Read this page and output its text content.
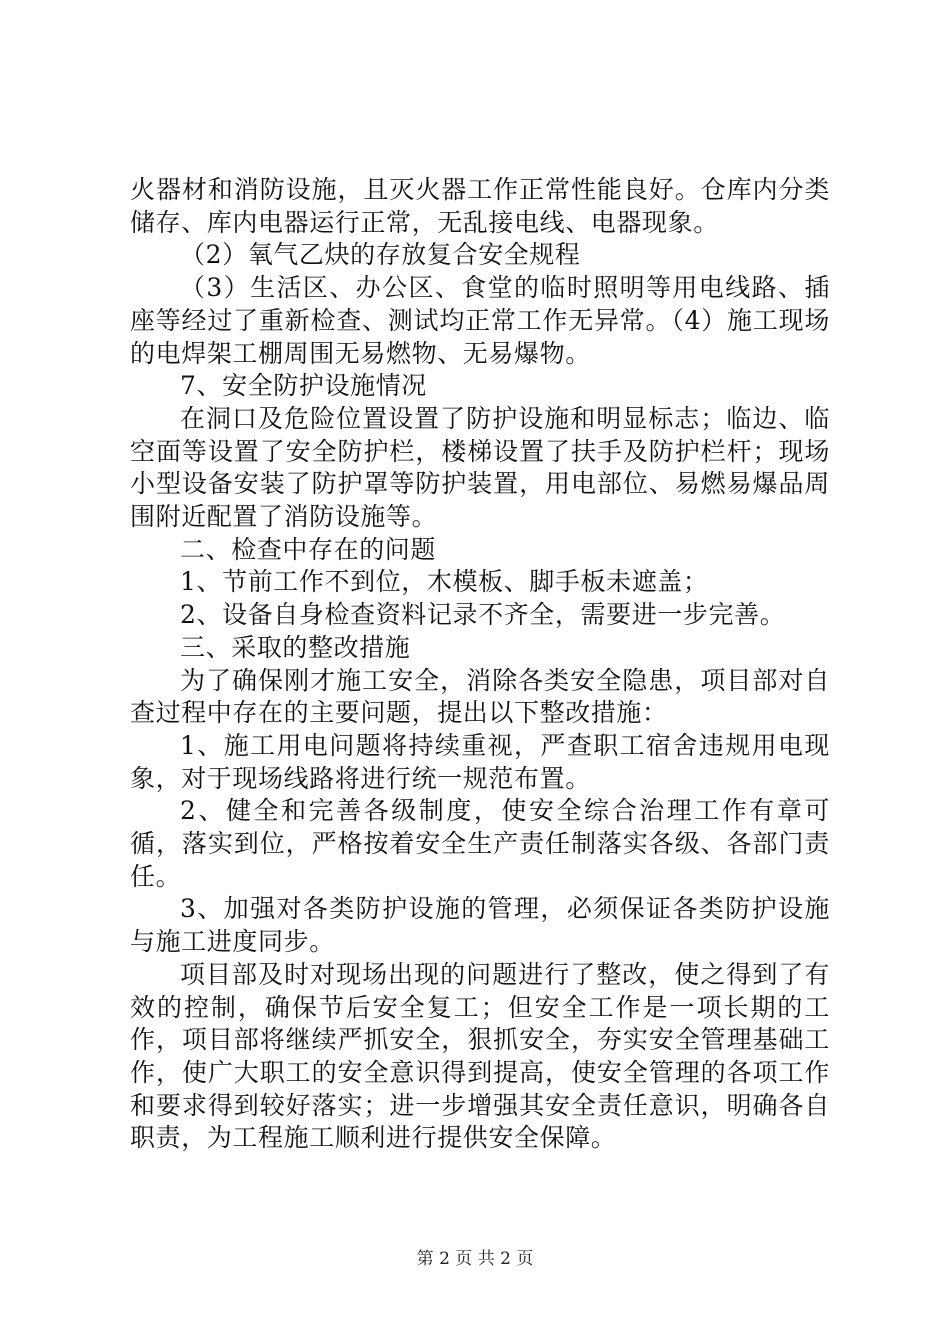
火器材和消防设施，且灭火器工作正常性能良好。仓库内分类储存、库内电器运行正常，无乱接电线、电器现象。

（2）氧气乙炔的存放复合安全规程

（3）生活区、办公区、食堂的临时照明等用电线路、插座等经过了重新检查、测试均正常工作无异常。（4）施工现场的电焊架工棚周围无易燃物、无易爆物。

7、安全防护设施情况

在洞口及危险位置设置了防护设施和明显标志；临边、临空面等设置了安全防护栏，楼梯设置了扶手及防护栏杆；现场小型设备安装了防护罩等防护装置，用电部位、易燃易爆品周围附近配置了消防设施等。

二、检查中存在的问题

1、节前工作不到位，木模板、脚手板未遮盖；

2、设备自身检查资料记录不齐全，需要进一步完善。

三、采取的整改措施

为了确保刚才施工安全，消除各类安全隐患，项目部对自查过程中存在的主要问题，提出以下整改措施：

1、施工用电问题将持续重视，严查职工宿舍违规用电现象，对于现场线路将进行统一规范布置。

2、健全和完善各级制度，使安全综合治理工作有章可循，落实到位，严格按着安全生产责任制落实各级、各部门责任。

3、加强对各类防护设施的管理，必须保证各类防护设施与施工进度同步。

项目部及时对现场出现的问题进行了整改，使之得到了有效的控制，确保节后安全复工；但安全工作是一项长期的工作，项目部将继续严抓安全，狠抓安全，夯实安全管理基础工作，使广大职工的安全意识得到提高，使安全管理的各项工作和要求得到较好落实；进一步增强其安全责任意识，明确各自职责，为工程施工顺利进行提供安全保障。

第 2 页 共 2 页
